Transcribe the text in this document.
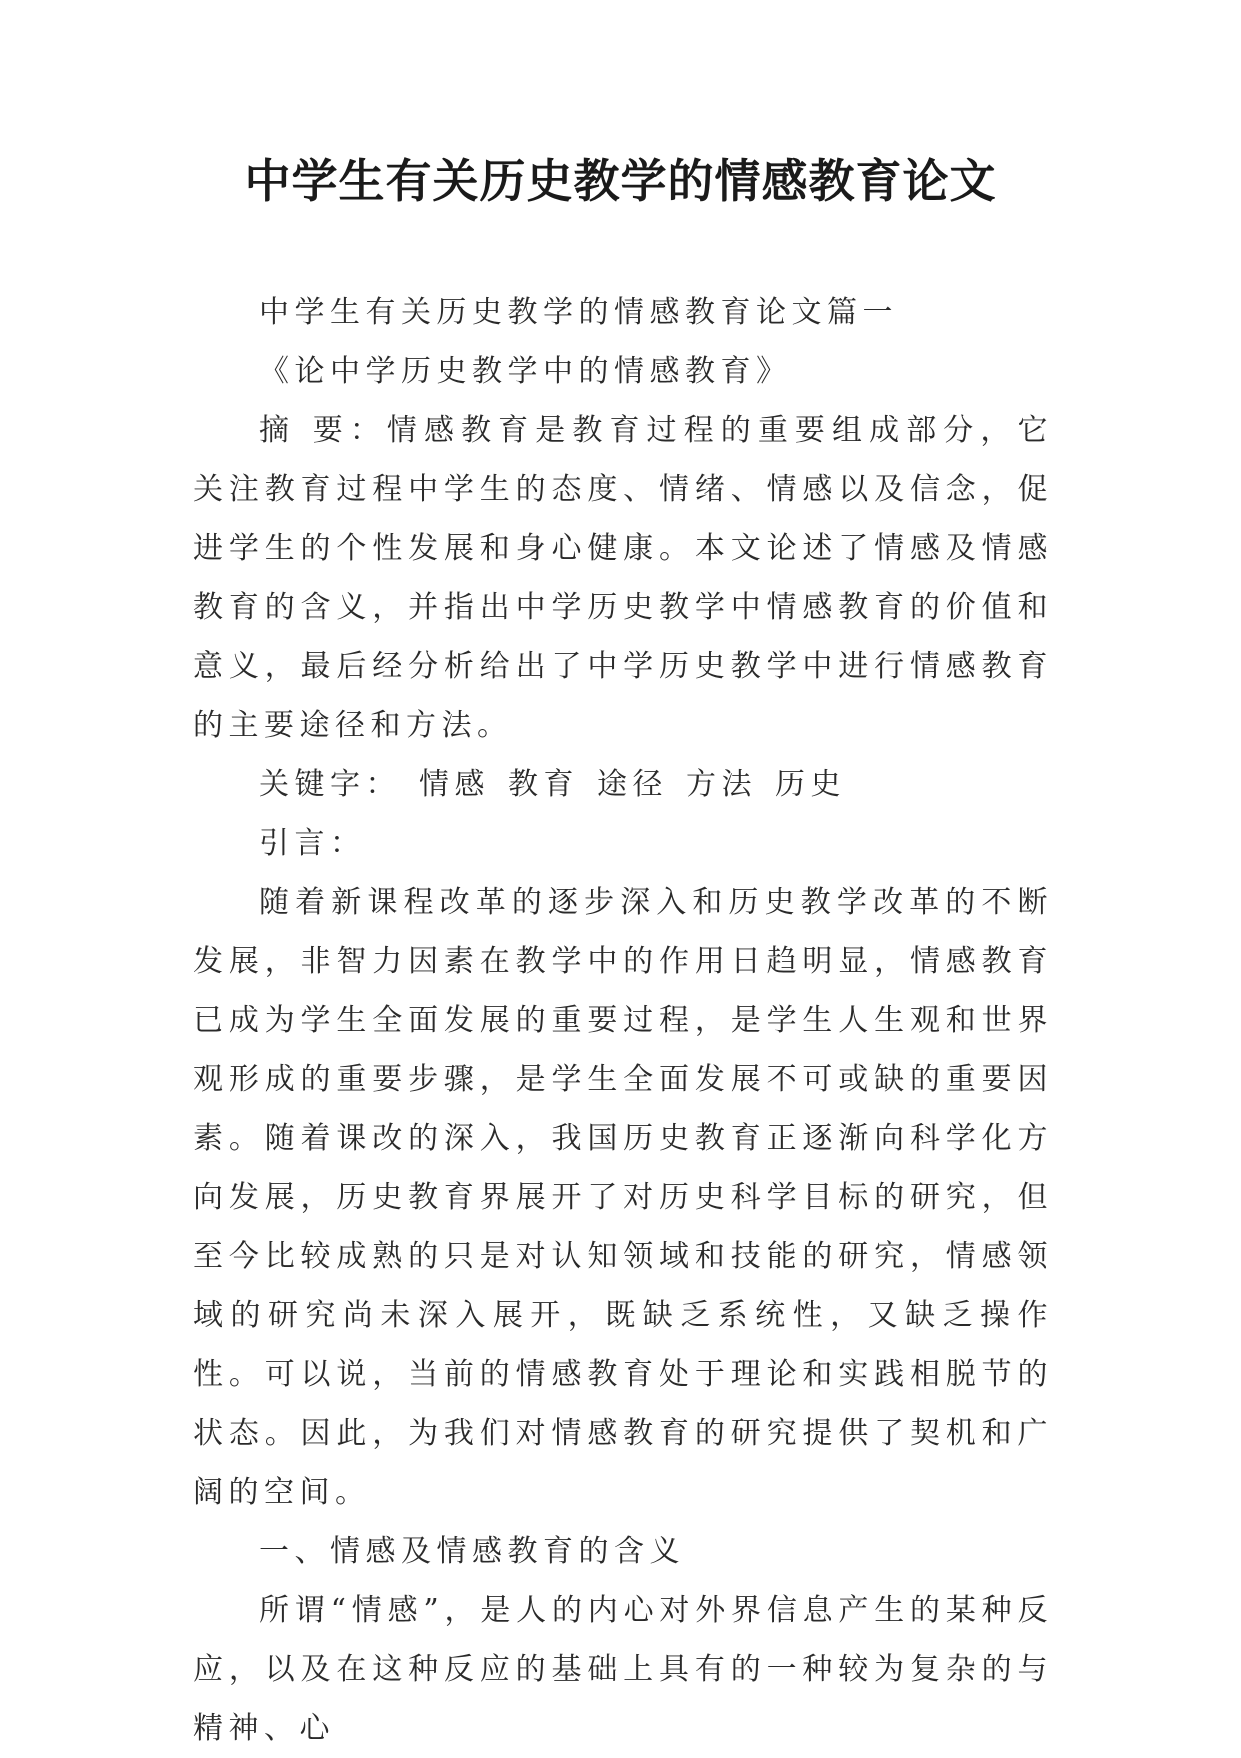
中学生有关历史教学的情感教育论文

中学生有关历史教学的情感教育论文篇一

《论中学历史教学中的情感教育》

摘 要：情感教育是教育过程的重要组成部分，它关注教育过程中学生的态度、情绪、情感以及信念，促进学生的个性发展和身心健康。本文论述了情感及情感教育的含义，并指出中学历史教学中情感教育的价值和意义，最后经分析给出了中学历史教学中进行情感教育的主要途径和方法。

关键字： 情感 教育 途径 方法 历史

引言：

随着新课程改革的逐步深入和历史教学改革的不断发展，非智力因素在教学中的作用日趋明显，情感教育已成为学生全面发展的重要过程，是学生人生观和世界观形成的重要步骤，是学生全面发展不可或缺的重要因素。随着课改的深入，我国历史教育正逐渐向科学化方向发展，历史教育界展开了对历史科学目标的研究，但至今比较成熟的只是对认知领域和技能的研究，情感领域的研究尚未深入展开，既缺乏系统性，又缺乏操作性。可以说，当前的情感教育处于理论和实践相脱节的状态。因此，为我们对情感教育的研究提供了契机和广阔的空间。

一、情感及情感教育的含义

所谓“情感”，是人的内心对外界信息产生的某种反应，以及在这种反应的基础上具有的一种较为复杂的与精神、心
